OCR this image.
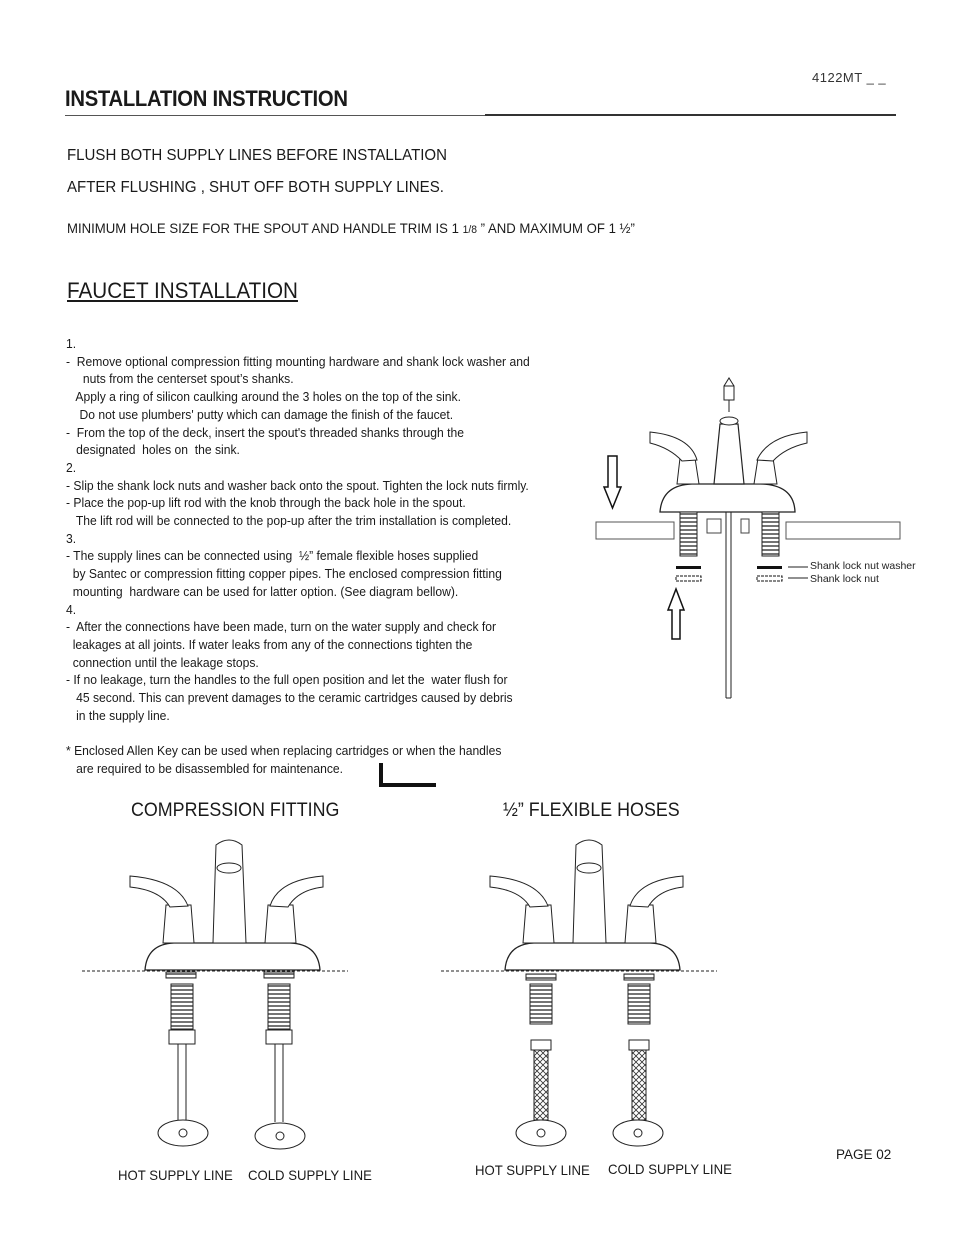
4122MT _ _
INSTALLATION INSTRUCTION
FLUSH BOTH SUPPLY LINES BEFORE INSTALLATION
AFTER FLUSHING , SHUT OFF BOTH SUPPLY LINES.
MINIMUM HOLE SIZE FOR THE SPOUT AND HANDLE TRIM IS 1 1/8 ” AND MAXIMUM OF 1 ½”
FAUCET INSTALLATION
1.
-  Remove optional compression fitting mounting hardware and shank lock washer and
nuts from the centerset spout’s shanks.
Apply a ring of silicon caulking around the 3 holes on the top of the sink.
Do not use plumbers' putty which can damage the finish of the faucet.
-  From the top of the deck, insert the spout's threaded shanks through the
designated  holes on  the sink.
2.
- Slip the shank lock nuts and washer back onto the spout. Tighten the lock nuts firmly.
- Place the pop-up lift rod with the knob through the back hole in the spout.
The lift rod will be connected to the pop-up after the trim installation is completed.
3.
- The supply lines can be connected using  ½” female flexible hoses supplied
by Santec or compression fitting copper pipes. The enclosed compression fitting
mounting  hardware can be used for latter option. (See diagram bellow).
4.
-  After the connections have been made, turn on the water supply and check for
leakages at all joints. If water leaks from any of the connections tighten the
connection until the leakage stops.
- If no leakage, turn the handles to the full open position and let the  water flush for
45 second. This can prevent damages to the ceramic cartridges caused by debris
in the supply line.

* Enclosed Allen Key can be used when replacing cartridges or when the handles
are required to be disassembled for maintenance.
COMPRESSION FITTING	½” FLEXIBLE HOSES
HOT SUPPLY LINE COLD SUPPLY LINE	HOT SUPPLY LINE COLD SUPPLY LINE
PAGE 02
Shank lock nut washer
Shank lock nut
